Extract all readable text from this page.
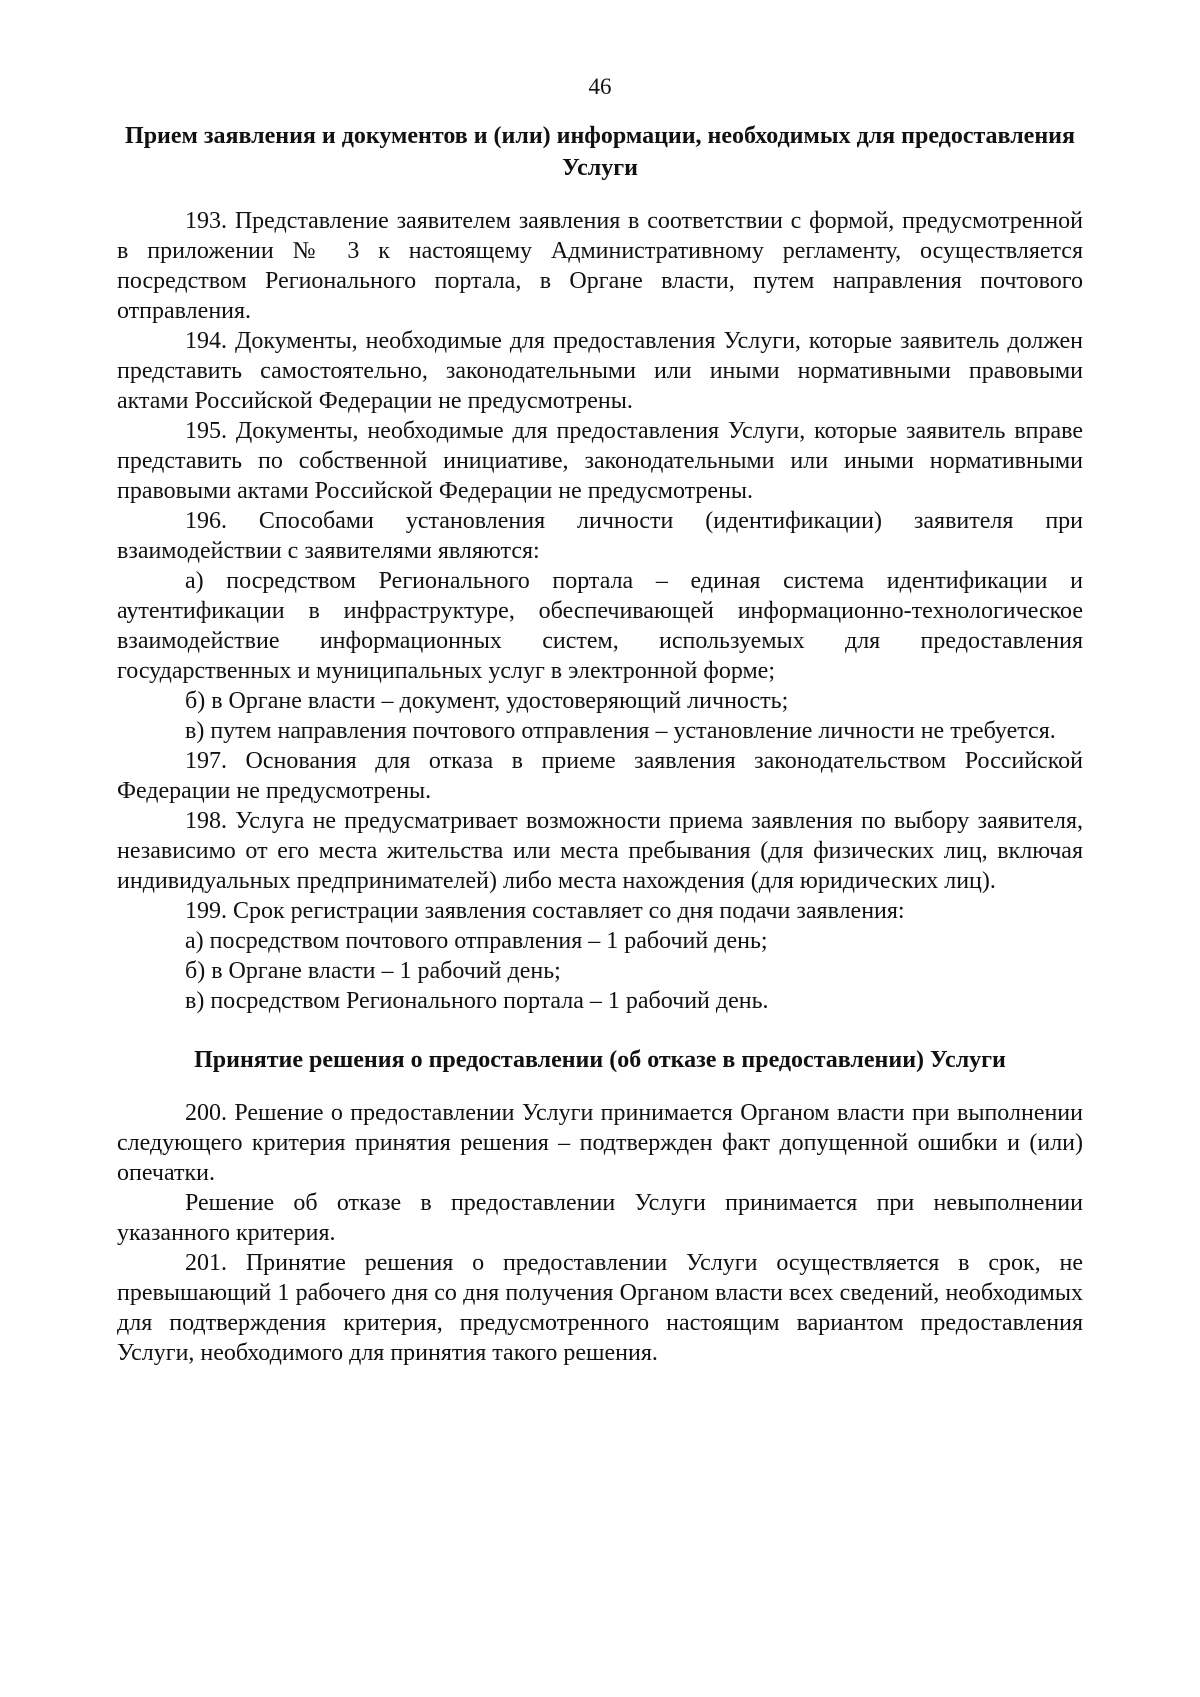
46
Прием заявления и документов и (или) информации, необходимых для предоставления Услуги

193. Представление заявителем заявления в соответствии с формой, предусмотренной в приложении № 3 к настоящему Административному регламенту, осуществляется посредством Регионального портала, в Органе власти, путем направления почтового отправления.

194. Документы, необходимые для предоставления Услуги, которые заявитель должен представить самостоятельно, законодательными или иными нормативными правовыми актами Российской Федерации не предусмотрены.

195. Документы, необходимые для предоставления Услуги, которые заявитель вправе представить по собственной инициативе, законодательными или иными нормативными правовыми актами Российской Федерации не предусмотрены.

196. Способами установления личности (идентификации) заявителя при взаимодействии с заявителями являются:

а) посредством Регионального портала – единая система идентификации и аутентификации в инфраструктуре, обеспечивающей информационно-технологическое взаимодействие информационных систем, используемых для предоставления государственных и муниципальных услуг в электронной форме;

б) в Органе власти – документ, удостоверяющий личность;

в) путем направления почтового отправления – установление личности не требуется.

197. Основания для отказа в приеме заявления законодательством Российской Федерации не предусмотрены.

198. Услуга не предусматривает возможности приема заявления по выбору заявителя, независимо от его места жительства или места пребывания (для физических лиц, включая индивидуальных предпринимателей) либо места нахождения (для юридических лиц).

199. Срок регистрации заявления составляет со дня подачи заявления:

а) посредством почтового отправления – 1 рабочий день;

б) в Органе власти – 1 рабочий день;

в) посредством Регионального портала – 1 рабочий день.

Принятие решения о предоставлении (об отказе в предоставлении) Услуги

200. Решение о предоставлении Услуги принимается Органом власти при выполнении следующего критерия принятия решения – подтвержден факт допущенной ошибки и (или) опечатки.

Решение об отказе в предоставлении Услуги принимается при невыполнении указанного критерия.

201. Принятие решения о предоставлении Услуги осуществляется в срок, не превышающий 1 рабочего дня со дня получения Органом власти всех сведений, необходимых для подтверждения критерия, предусмотренного настоящим вариантом предоставления Услуги, необходимого для принятия такого решения.
